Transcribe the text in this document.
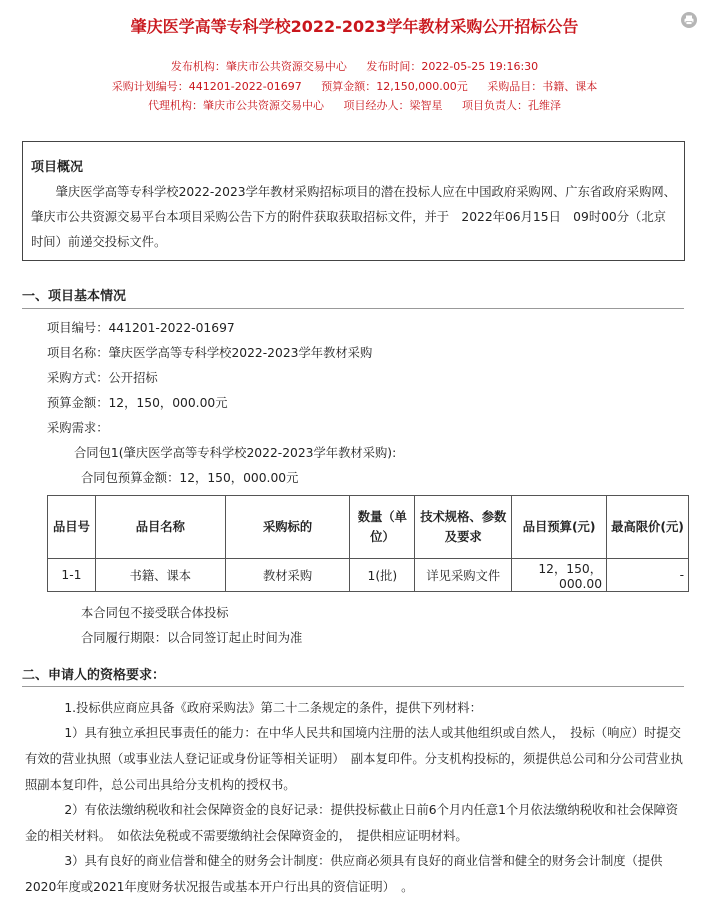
肇庆医学高等专科学校2022-2023学年教材采购公开招标公告
发布机构：肇庆市公共资源交易中心 发布时间：2022-05-25 19:16:30
采购计划编号：441201-2022-01697 预算金额：12,150,000.00元 采购品目：书籍、课本
代理机构：肇庆市公共资源交易中心 项目经办人：梁智星 项目负责人：孔维泽
项目概况

肇庆医学高等专科学校2022-2023学年教材采购招标项目的潜在投标人应在中国政府采购网、广东省政府采购网、肇庆市公共资源交易平台本项目采购公告下方的附件获取获取招标文件，并于　2022年06月15日　09时00分（北京时间）前递交投标文件。

一、项目基本情况

项目编号：441201-2022-01697

项目名称：肇庆医学高等专科学校2022-2023学年教材采购

采购方式：公开招标

预算金额：12，150，000.00元

采购需求：

合同包1(肇庆医学高等专科学校2022-2023学年教材采购):

合同包预算金额：12，150，000.00元

品目号	品目名称	采购标的	数量（单位）	技术规格、参数及要求	品目预算(元)	最高限价(元)
1-1	书籍、课本	教材采购	1(批)	详见采购文件	12，150，000.00	-

本合同包不接受联合体投标

合同履行期限：以合同签订起止时间为准

二、申请人的资格要求：

1.投标供应商应具备《政府采购法》第二十二条规定的条件，提供下列材料：

1）具有独立承担民事责任的能力：在中华人民共和国境内注册的法人或其他组织或自然人，　投标（响应）时提交有效的营业执照（或事业法人登记证或身份证等相关证明）　副本复印件。分支机构投标的，须提供总公司和分公司营业执照副本复印件，总公司出具给分支机构的授权书。

2）有依法缴纳税收和社会保障资金的良好记录：提供投标截止日前6个月内任意1个月依法缴纳税收和社会保障资金的相关材料。　如依法免税或不需要缴纳社会保障资金的，　提供相应证明材料。

3）具有良好的商业信誉和健全的财务会计制度：供应商必须具有良好的商业信誉和健全的财务会计制度（提供2020年度或2021年度财务状况报告或基本开户行出具的资信证明）　。
